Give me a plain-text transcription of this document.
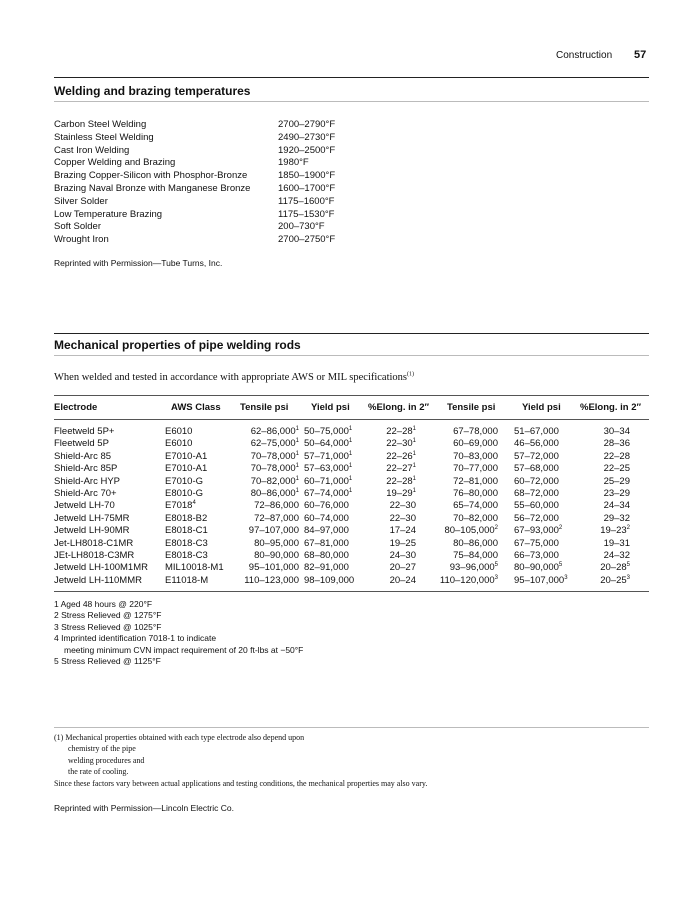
Construction 57
Welding and brazing temperatures
Carbon Steel Welding	2700–2790°F
Stainless Steel Welding	2490–2730°F
Cast Iron Welding	1920–2500°F
Copper Welding and Brazing	1980°F
Brazing Copper-Silicon with Phosphor-Bronze	1850–1900°F
Brazing Naval Bronze with Manganese Bronze	1600–1700°F
Silver Solder	1175–1600°F
Low Temperature Brazing	1175–1530°F
Soft Solder	200–730°F
Wrought Iron	2700–2750°F
Reprinted with Permission—Tube Turns, Inc.
Mechanical properties of pipe welding rods
When welded and tested in accordance with appropriate AWS or MIL specifications$^{(1)}$
Electrode	AWS Class Tensile psi Yield psi %Elong. in 2″ Tensile psi	Yield psi %Elong. in 2″
Fleetweld 5P+	E6010	62–86,000$^1$ 50–75,000$^1$	$22-28^1$	67–78,000 51–67,000	30–34
Fleetweld 5P	E6010	62–75,000$^1$ 50–64,000$^1$	$22-30^1$	60–69,000 46–56,000	28–36
Shield-Arc 85	E7010-A1	70–78,000$^1$ 57–71,000$^1$	$22-26^1$	70–83,000 57–72,000	22–28
Shield-Arc 85P	E7010-A1	70–78,000$^1$ 57–63,000$^1$	$22-27^1$	70–77,000 57–68,000	22–25
Shield-Arc HYP	E7010-G	70–82,000$^1$ 60–71,000$^1$	$22-28^1$	72–81,000 60–72,000	25–29
Shield-Arc 70+	E8010-G	80–86,000$^1$ 67–74,000$^1$	$19-29^1$	76–80,000 68–72,000	23–29
Jetweld LH-70	E7018$^4$	72–86,000 60–76,000	22–30	65–74,000 55–60,000	24–34
Jetweld LH-75MR	E8018-B2	72–87,000 60–74,000	22–30	70–82,000 56–72,000	29–32
Jetweld LH-90MR	E8018-C1	97–107,000 84–97,000	17–24	80–105,000$^2$ 67–93,000$^2$	$19-23^2$
Jet-LH8018-C1MR	E8018-C3	80–95,000 67–81,000	19–25	80–86,000 67–75,000	19–31
JEt-LH8018-C3MR	E8018-C3	80–90,000 68–80,000	24–30	75–84,000 66–73,000	24–32
Jetweld LH-100M1MR MIL10018-M1	95–101,000 82–91,000	20–27	93–96,000$^5$ 80–90,000$^5$	$20-28^5$
Jetweld LH-110MMR E11018-M	110–123,000 98–109,000	20–24	110–120,000$^3$ 95–107,000$^3$	$20-25^3$
1 Aged 48 hours @ 220°F
2 Stress Relieved @ 1275°F
3 Stress Relieved @ 1025°F
4 Imprinted identification 7018-1 to indicate
meeting minimum CVN impact requirement of 20 ft-lbs at −50°F
5 Stress Relieved @ 1125°F
(1) Mechanical properties obtained with each type electrode also depend upon
chemistry of the pipe
welding procedures and
the rate of cooling.
Since these factors vary between actual applications and testing conditions, the mechanical properties may also vary.
Reprinted with Permission—Lincoln Electric Co.
